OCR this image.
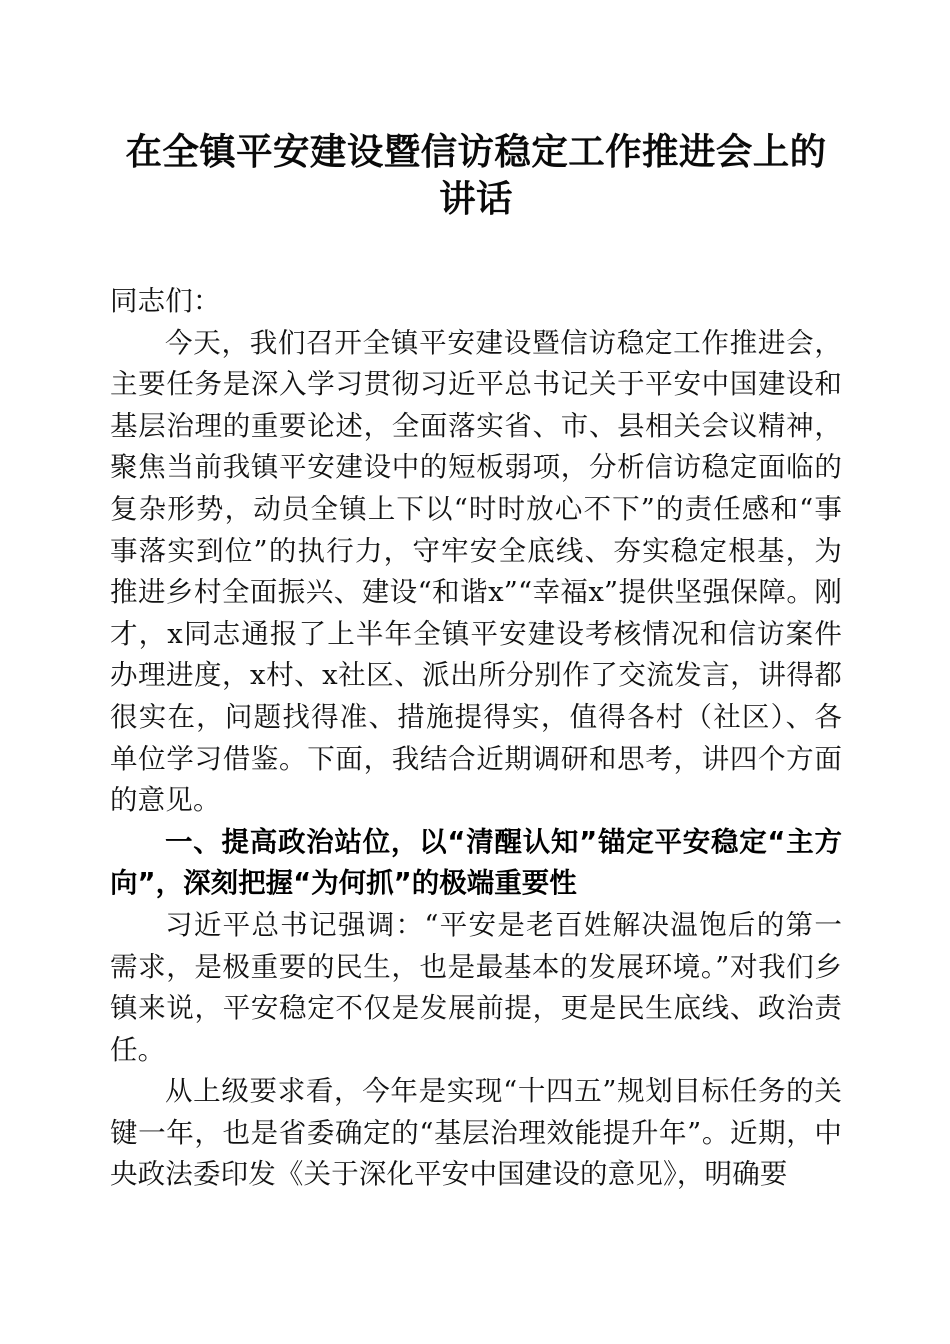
在全镇平安建设暨信访稳定工作推进会上的讲话

同志们：

今天，我们召开全镇平安建设暨信访稳定工作推进会，主要任务是深入学习贯彻习近平总书记关于平安中国建设和基层治理的重要论述，全面落实省、市、县相关会议精神，聚焦当前我镇平安建设中的短板弱项，分析信访稳定面临的复杂形势，动员全镇上下以“时时放心不下”的责任感和“事事落实到位”的执行力，守牢安全底线、夯实稳定根基，为推进乡村全面振兴、建设“和谐x”“幸福x”提供坚强保障。刚才，x同志通报了上半年全镇平安建设考核情况和信访案件办理进度，x村、x社区、派出所分别作了交流发言，讲得都很实在，问题找得准、措施提得实，值得各村（社区）、各单位学习借鉴。下面，我结合近期调研和思考，讲四个方面的意见。

一、提高政治站位，以“清醒认知”锚定平安稳定“主方向”，深刻把握“为何抓”的极端重要性

习近平总书记强调：“平安是老百姓解决温饱后的第一需求，是极重要的民生，也是最基本的发展环境。”对我们乡镇来说，平安稳定不仅是发展前提，更是民生底线、政治责任。

从上级要求看，今年是实现“十四五”规划目标任务的关键一年，也是省委确定的“基层治理效能提升年”。近期，中央政法委印发《关于深化平安中国建设的意见》，明确要
